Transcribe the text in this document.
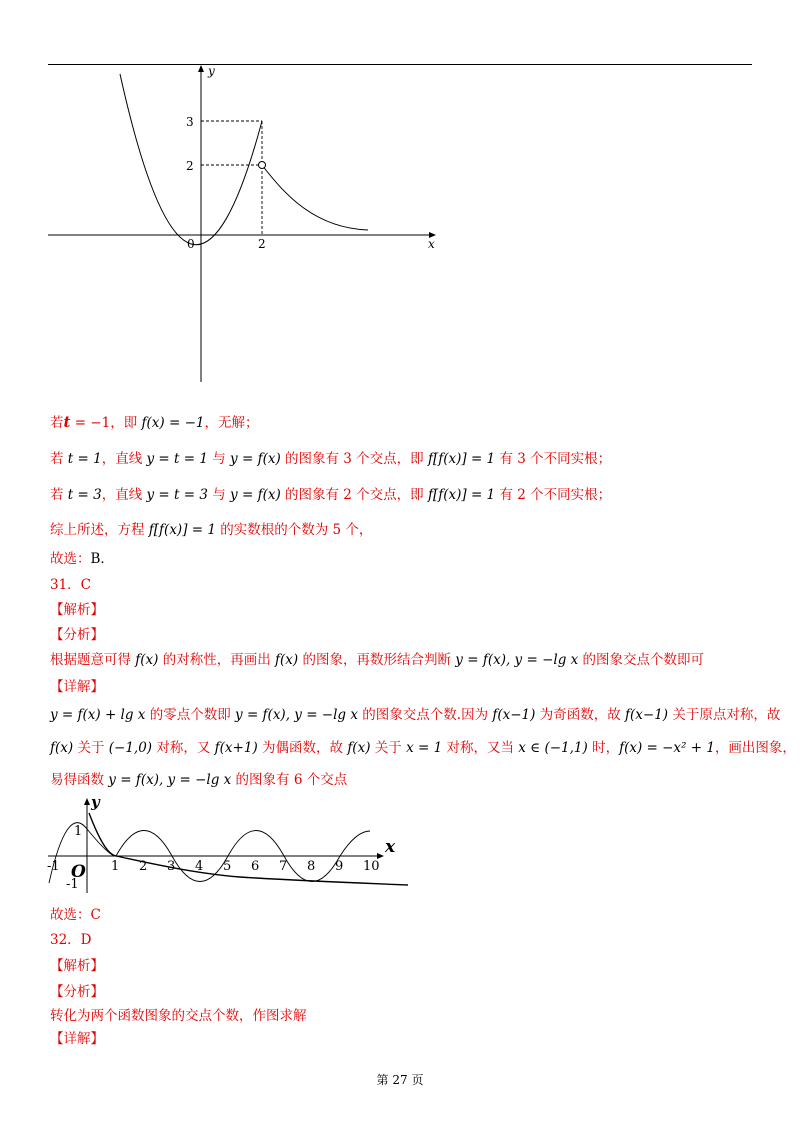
y
x
0
3
2
2
若t = −1，即 f(x) = −1，无解；
若 t = 1，直线 y = t = 1 与 y = f(x) 的图象有 3 个交点，即 f[f(x)] = 1 有 3 个不同实根；
若 t = 3，直线 y = t = 3 与 y = f(x) 的图象有 2 个交点，即 f[f(x)] = 1 有 2 个不同实根；
综上所述，方程 f[f(x)] = 1 的实数根的个数为 5 个，
故选：B．
31．C
【解析】
【分析】
根据题意可得 f(x) 的对称性，再画出 f(x) 的图象，再数形结合判断 y = f(x), y = −lg x 的图象交点个数即可
【详解】
y = f(x) + lg x 的零点个数即 y = f(x), y = −lg x 的图象交点个数.因为 f(x−1) 为奇函数，故 f(x−1) 关于原点对称，故
f(x) 关于 (−1,0) 对称，又 f(x+1) 为偶函数，故 f(x) 关于 x = 1 对称，又当 x ∈ (−1,1) 时，f(x) = −x² + 1，画出图象，
易得函数 y = f(x), y = −lg x 的图象有 6 个交点
x
y
O
1
-1
-1	1 2 3 4 5 6 7 8 9 10
故选：C
32．D
【解析】
【分析】
转化为两个函数图象的交点个数，作图求解
【详解】
第 27 页
